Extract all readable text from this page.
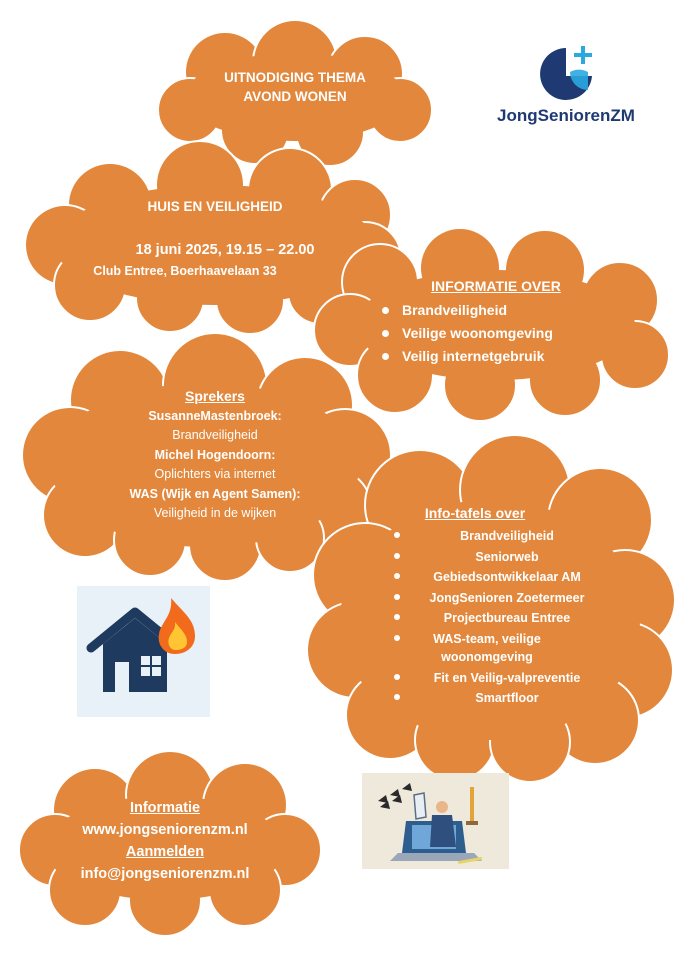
JongSeniorenZM
UITNODIGING THEMA
AVOND WONEN
HUIS EN VEILIGHEID
18 juni 2025, 19.15 – 22.00
Club Entree, Boerhaavelaan 33
INFORMATIE OVER
Brandveiligheid
Veilige woonomgeving
Veilig internetgebruik
Sprekers
SusanneMastenbroek:
Brandveiligheid
Michel Hogendoorn:
Oplichters via internet
WAS (Wijk en Agent Samen):
Veiligheid in de wijken	Info-tafels over
Brandveiligheid
Seniorweb
Gebiedsontwikkelaar AM
JongSenioren Zoetermeer
Projectbureau Entree
WAS-team, veilige woonomgeving
Fit en Veilig-valpreventie
Smartfloor
Informatie
www.jongseniorenzm.nl
Aanmelden
info@jongseniorenzm.nl
